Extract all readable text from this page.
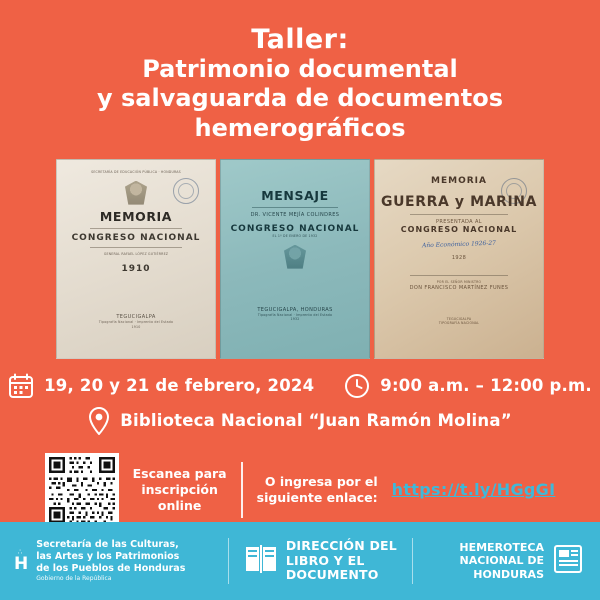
Taller:
Patrimonio documental
y salvaguarda de documentos
hemerográficos
SECRETARÍA DE EDUCACIÓN PÚBLICA · HONDURAS
MEMORIA
CONGRESO NACIONAL
GENERAL RAFAEL LÓPEZ GUTIÉRREZ
1910
TEGUCIGALPA
Tipografía Nacional · Imprenta del Estado
1910
MENSAJE
DR. VICENTE MEJÍA COLINDRES
CONGRESO NACIONAL
EL 1º DE ENERO DE 1932
TEGUCIGALPA, HONDURAS
Tipografía Nacional · Imprenta del Estado
1932
MEMORIA
GUERRA y MARINA
PRESENTADA AL
CONGRESO NACIONAL
Año Económico 1926-27
1928
POR EL SEÑOR MINISTRO
DON FRANCISCO MARTÍNEZ FUNES
TEGUCIGALPA
TIPOGRAFÍA NACIONAL
19, 20 y 21 de febrero, 2024	9:00 a.m. – 12:00 p.m.
Biblioteca Nacional “Juan Ramón Molina”
Escanea para
inscripción
online
O ingresa por el
siguiente enlace: https://t.ly/HGgGI
∴
H
Secretaría de las Culturas,
las Artes y los Patrimonios
de los Pueblos de Honduras
Gobierno de la República
DIRECCIÓN DEL
LIBRO Y EL
DOCUMENTO
HEMEROTECA
NACIONAL DE
HONDURAS
